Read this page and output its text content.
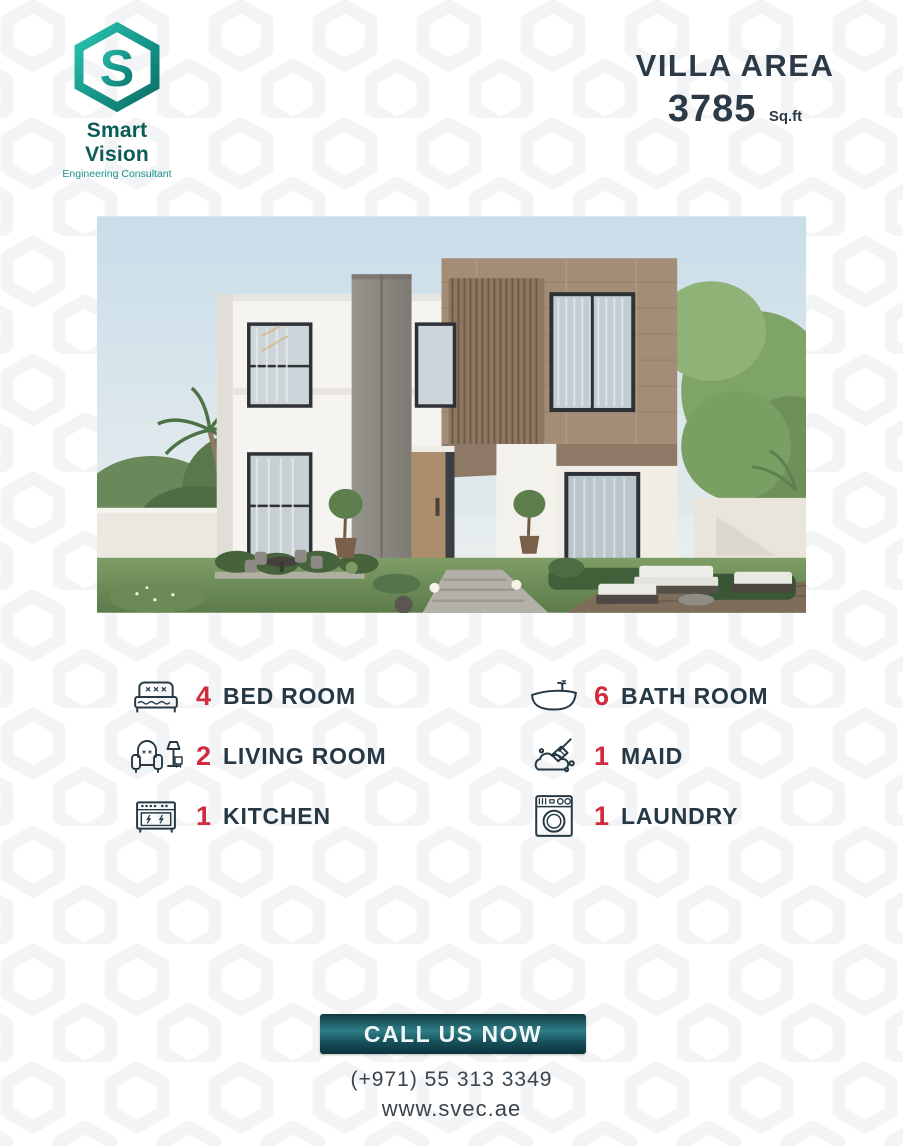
S
Smart Vision
Engineering Consultant
VILLA AREA
3785 Sq.ft
4 BED ROOM	6 BATH ROOM
2 LIVING ROOM	1 MAID
1 KITCHEN	1 LAUNDRY
CALL US NOW
(+971) 55 313 3349
www.svec.ae
